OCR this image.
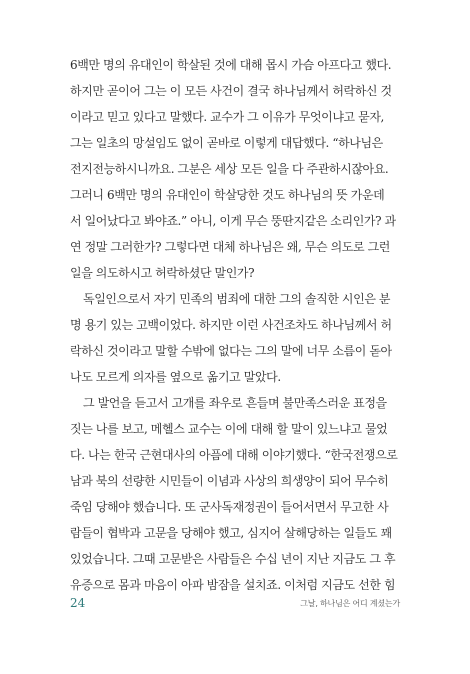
6백만 명의 유대인이 학살된 것에 대해 몹시 가슴 아프다고 했다.
하지만 곧이어 그는 이 모든 사건이 결국 하나님께서 허락하신 것
이라고 믿고 있다고 말했다. 교수가 그 이유가 무엇이냐고 묻자,
그는 일초의 망설임도 없이 곧바로 이렇게 대답했다. “하나님은
전지전능하시니까요. 그분은 세상 모든 일을 다 주관하시잖아요.
그러니 6백만 명의 유대인이 학살당한 것도 하나님의 뜻 가운데
서 일어났다고 봐야죠.” 아니, 이게 무슨 뚱딴지같은 소리인가? 과
연 정말 그러한가? 그렇다면 대체 하나님은 왜, 무슨 의도로 그런
일을 의도하시고 허락하셨단 말인가?
독일인으로서 자기 민족의 범죄에 대한 그의 솔직한 시인은 분
명 용기 있는 고백이었다. 하지만 이런 사건조차도 하나님께서 허
락하신 것이라고 말할 수밖에 없다는 그의 말에 너무 소름이 돋아
나도 모르게 의자를 옆으로 옮기고 말았다.
그 발언을 듣고서 고개를 좌우로 흔들며 불만족스러운 표정을
짓는 나를 보고, 메헬스 교수는 이에 대해 할 말이 있느냐고 물었
다. 나는 한국 근현대사의 아픔에 대해 이야기했다. “한국전쟁으로
남과 북의 선량한 시민들이 이념과 사상의 희생양이 되어 무수히
죽임 당해야 했습니다. 또 군사독재정권이 들어서면서 무고한 사
람들이 협박과 고문을 당해야 했고, 심지어 살해당하는 일들도 꽤
있었습니다. 그때 고문받은 사람들은 수십 년이 지난 지금도 그 후
유증으로 몸과 마음이 아파 밤잠을 설치죠. 이처럼 지금도 선한 힘
24	그날, 하나님은 어디 계셨는가
